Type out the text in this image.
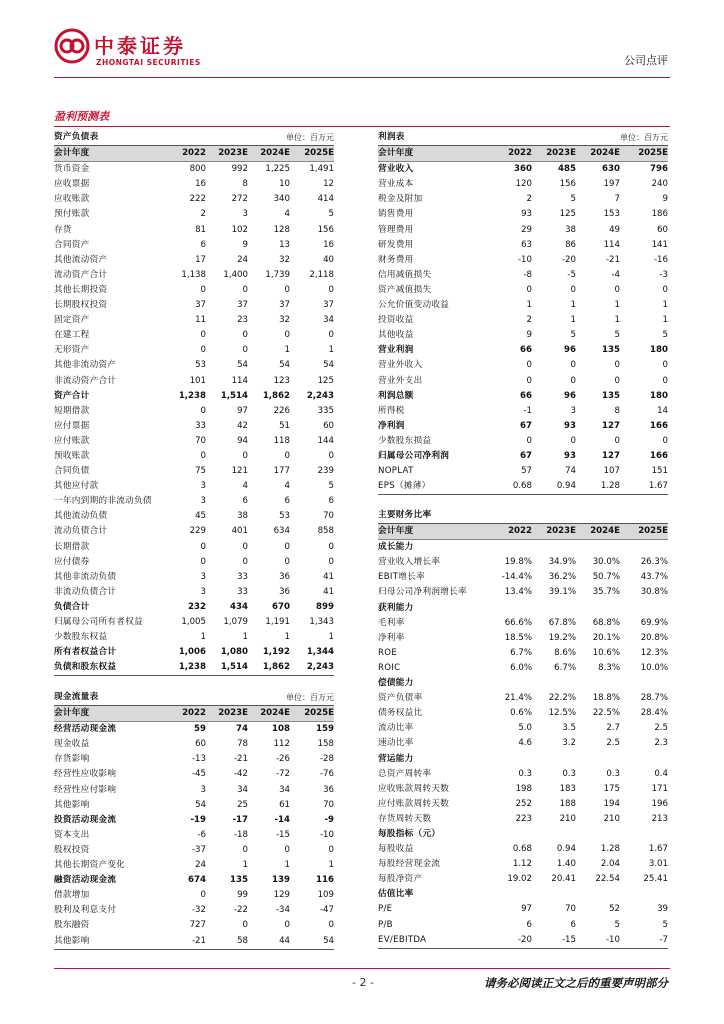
中泰证券
ZHONGTAI SECURITIES	公司点评
盈利预测表
资产负债表			单位：百万元	
会计年度	2022	2023E	2024E	2025E
货币资金	800	992	1,225	1,491
应收票据	16	8	10	12
应收账款	222	272	340	414
预付账款	2	3	4	5
存货	81	102	128	156
合同资产	6	9	13	16
其他流动资产	17	24	32	40
流动资产合计	1,138	1,400	1,739	2,118
其他长期投资	0	0	0	0
长期股权投资	37	37	37	37
固定资产	11	23	32	34
在建工程	0	0	0	0
无形资产	0	0	1	1
其他非流动资产	53	54	54	54
非流动资产合计	101	114	123	125
资产合计	1,238	1,514	1,862	2,243
短期借款	0	97	226	335
应付票据	33	42	51	60
应付账款	70	94	118	144
预收账款	0	0	0	0
合同负债	75	121	177	239
其他应付款	3	4	4	5
一年内到期的非流动负债	3	6	6	6
其他流动负债	45	38	53	70
流动负债合计	229	401	634	858
长期借款	0	0	0	0
应付债券	0	0	0	0
其他非流动负债	3	33	36	41
非流动负债合计	3	33	36	41
负债合计	232	434	670	899
归属母公司所有者权益	1,005	1,079	1,191	1,343
少数股东权益	1	1	1	1
所有者权益合计	1,006	1,080	1,192	1,344
负债和股东权益	1,238	1,514	1,862	2,243
现金流量表			单位：百万元	
会计年度	2022	2023E	2024E	2025E
经营活动现金流	59	74	108	159
现金收益	60	78	112	158
存货影响	-13	-21	-26	-28
经营性应收影响	-45	-42	-72	-76
经营性应付影响	3	34	34	36
其他影响	54	25	61	70
投资活动现金流	-19	-17	-14	-9
资本支出	-6	-18	-15	-10
股权投资	-37	0	0	0
其他长期资产变化	24	1	1	1
融资活动现金流	674	135	139	116
借款增加	0	99	129	109
股利及利息支付	-32	-22	-34	-47
股东融资	727	0	0	0
其他影响	-21	58	44	54
利润表			单位：百万元	
会计年度	2022	2023E	2024E	2025E
营业收入	360	485	630	796
营业成本	120	156	197	240
税金及附加	2	5	7	9
销售费用	93	125	153	186
管理费用	29	38	49	60
研发费用	63	86	114	141
财务费用	-10	-20	-21	-16
信用减值损失	-8	-5	-4	-3
资产减值损失	0	0	0	0
公允价值变动收益	1	1	1	1
投资收益	2	1	1	1
其他收益	9	5	5	5
营业利润	66	96	135	180
营业外收入	0	0	0	0
营业外支出	0	0	0	0
利润总额	66	96	135	180
所得税	-1	3	8	14
净利润	67	93	127	166
少数股东损益	0	0	0	0
归属母公司净利润	67	93	127	166
NOPLAT	57	74	107	151
EPS（摊薄）	0.68	0.94	1.28	1.67
主要财务比率				
会计年度	2022	2023E	2024E	2025E
成长能力				
营业收入增长率	19.8%	34.9%	30.0%	26.3%
EBIT增长率	-14.4%	36.2%	50.7%	43.7%
归母公司净利润增长率	13.4%	39.1%	35.7%	30.8%
获利能力				
毛利率	66.6%	67.8%	68.8%	69.9%
净利率	18.5%	19.2%	20.1%	20.8%
ROE	6.7%	8.6%	10.6%	12.3%
ROIC	6.0%	6.7%	8.3%	10.0%
偿债能力				
资产负债率	21.4%	22.2%	18.8%	28.7%
债务权益比	0.6%	12.5%	22.5%	28.4%
流动比率	5.0	3.5	2.7	2.5
速动比率	4.6	3.2	2.5	2.3
营运能力				
总资产周转率	0.3	0.3	0.3	0.4
应收账款周转天数	198	183	175	171
应付账款周转天数	252	188	194	196
存货周转天数	223	210	210	213
每股指标（元）				
每股收益	0.68	0.94	1.28	1.67
每股经营现金流	1.12	1.40	2.04	3.01
每股净资产	19.02	20.41	22.54	25.41
估值比率				
P/E	97	70	52	39
P/B	6	6	5	5
EV/EBITDA	-20	-15	-10	-7
- 2 -	请务必阅读正文之后的重要声明部分
